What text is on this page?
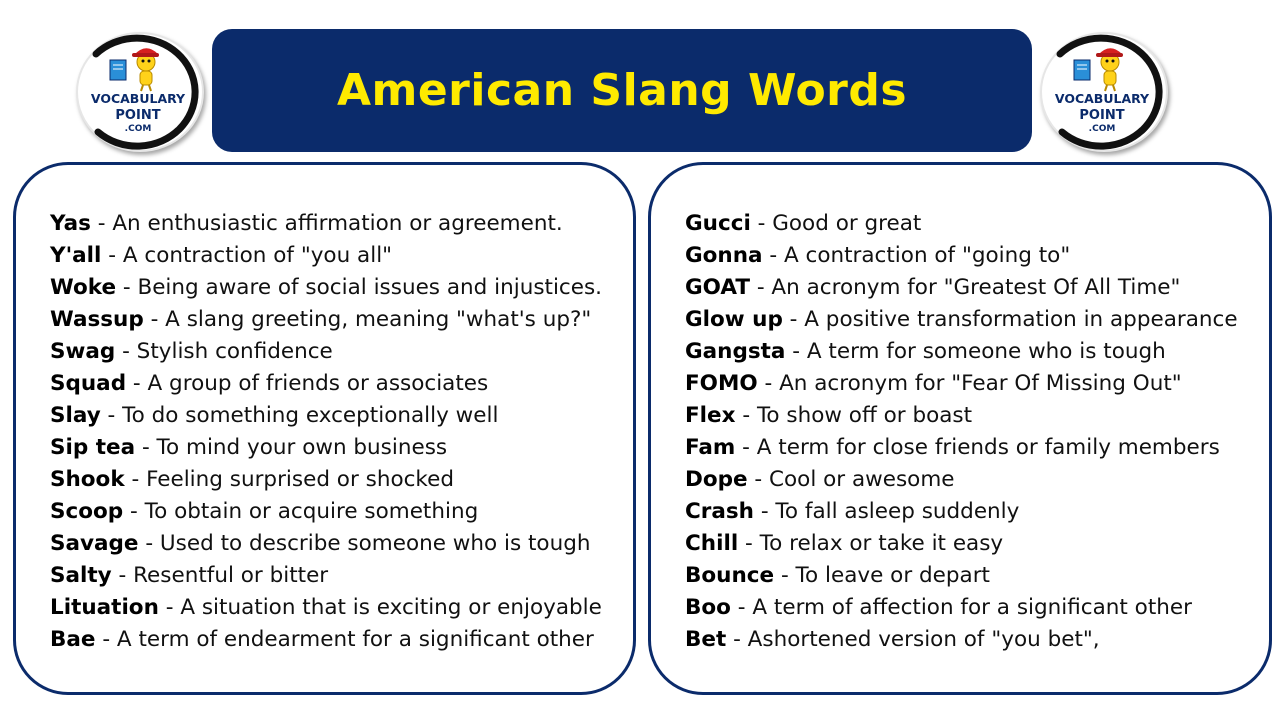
VOCABULARY
POINT
.COM
American Slang Words	VOCABULARY
POINT
.COM
Yas - An enthusiastic affirmation or agreement.
Y'all - A contraction of "you all"
Woke - Being aware of social issues and injustices.
Wassup - A slang greeting, meaning "what's up?"
Swag - Stylish confidence
Squad - A group of friends or associates
Slay - To do something exceptionally well
Sip tea - To mind your own business
Shook - Feeling surprised or shocked
Scoop - To obtain or acquire something
Savage - Used to describe someone who is tough
Salty - Resentful or bitter
Lituation - A situation that is exciting or enjoyable
Bae - A term of endearment for a significant other
Gucci - Good or great
Gonna - A contraction of "going to"
GOAT - An acronym for "Greatest Of All Time"
Glow up - A positive transformation in appearance
Gangsta - A term for someone who is tough
FOMO - An acronym for "Fear Of Missing Out"
Flex - To show off or boast
Fam - A term for close friends or family members
Dope - Cool or awesome
Crash - To fall asleep suddenly
Chill - To relax or take it easy
Bounce - To leave or depart
Boo - A term of affection for a significant other
Bet - Ashortened version of "you bet",
